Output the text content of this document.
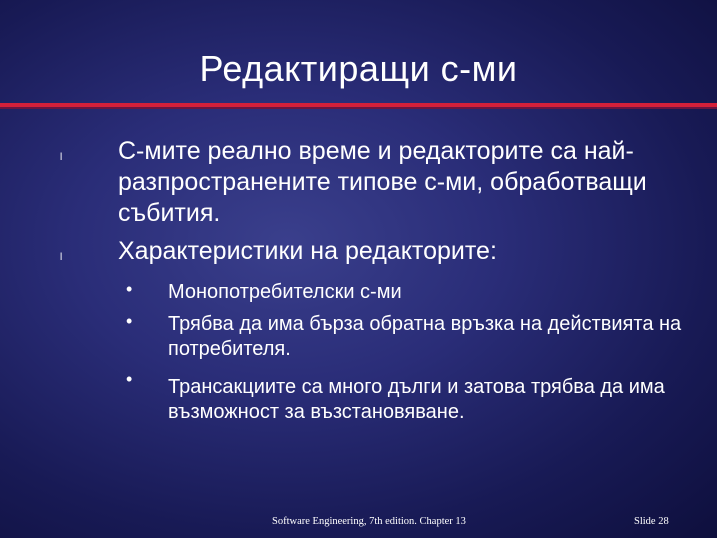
Редактиращи с-ми
l С-мите реално време и редакторите са най-разпространените типове с-ми, обработващи събития.
l Характеристики на редакторите:
• Монопотребителски с-ми
• Трябва да има бърза обратна връзка на действията на потребителя.
• Трансакциите са много дълги и затова трябва да има възможност за възстановяване.
Software Engineering, 7th edition. Chapter 13	Slide 28
